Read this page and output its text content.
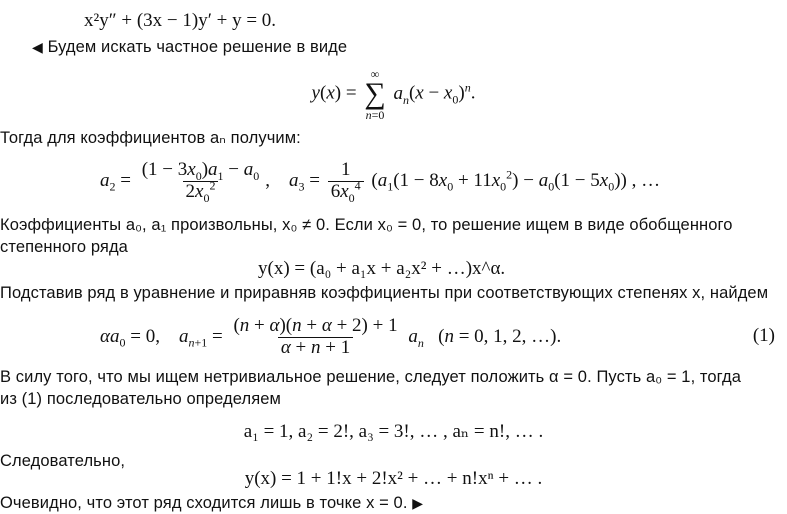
x²y″ + (3x − 1)y′ + y = 0.
◀ Будем искать частное решение в виде
y(x) =
∞
∑
n=0
$a_n(x - x_0)^n$.
Тогда для коэффициентов aₙ получим:
$a_2 = \frac{(1 - 3x_0)a_1 - a_0}{2x_0^2}$ ,    $a_3 = \frac{1}{6x_0^4} (a_1(1 - 8x_0 + 11x_0^2) - a_0(1 - 5x_0))$ , …
Коэффициенты a₀, a₁ произвольны, x₀ ≠ 0. Если x₀ = 0, то решение ищем в виде обобщенного
степенного ряда
y(x) = (a₀ + a₁x + a₂x² + …)x^α.
Подставив ряд в уравнение и приравняв коэффициенты при соответствующих степенях x, найдем
$\alpha a_0 = 0$,    $a_{n+1} = \frac{(n + \alpha)(n + \alpha + 2) + 1}{\alpha + n + 1} a_n$   (n = 0, 1, 2, …).	(1)
В силу того, что мы ищем нетривиальное решение, следует положить α = 0. Пусть a₀ = 1, тогда
из (1) последовательно определяем
a₁ = 1, a₂ = 2!, a₃ = 3!, … , aₙ = n!, … .
Следовательно,
y(x) = 1 + 1!x + 2!x² + … + n!xⁿ + … .
Очевидно, что этот ряд сходится лишь в точке x = 0. ▶
